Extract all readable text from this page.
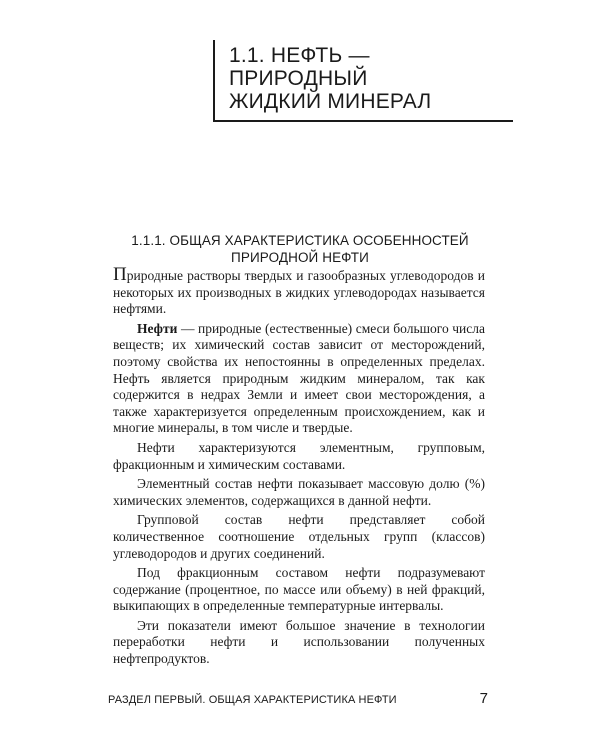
1.1. НЕФТЬ —
ПРИРОДНЫЙ
ЖИДКИЙ МИНЕРАЛ
1.1.1. ОБЩАЯ ХАРАКТЕРИСТИКА ОСОБЕННОСТЕЙ
ПРИРОДНОЙ НЕФТИ

Природные растворы твердых и газообразных углеводородов и некоторых их производных в жидких углеводородах называется нефтями.

Нефти — природные (естественные) смеси большого числа веществ; их химический состав зависит от месторождений, поэтому свойства их непостоянны в определенных пределах. Нефть является природным жидким минералом, так как содержится в недрах Земли и имеет свои месторождения, а также характеризуется определенным происхождением, как и многие минералы, в том числе и твердые.

Нефти характеризуются элементным, групповым, фракционным и химическим составами.

Элементный состав нефти показывает массовую долю (%) химических элементов, содержащихся в данной нефти.

Групповой состав нефти представляет собой количественное соотношение отдельных групп (классов) углеводородов и других соединений.

Под фракционным составом нефти подразумевают содержание (процентное, по массе или объему) в ней фракций, выкипающих в определенные температурные интервалы.

Эти показатели имеют большое значение в технологии переработки нефти и использовании полученных нефтепродуктов.

РАЗДЕЛ ПЕРВЫЙ. ОБЩАЯ ХАРАКТЕРИСТИКА НЕФТИ	7
